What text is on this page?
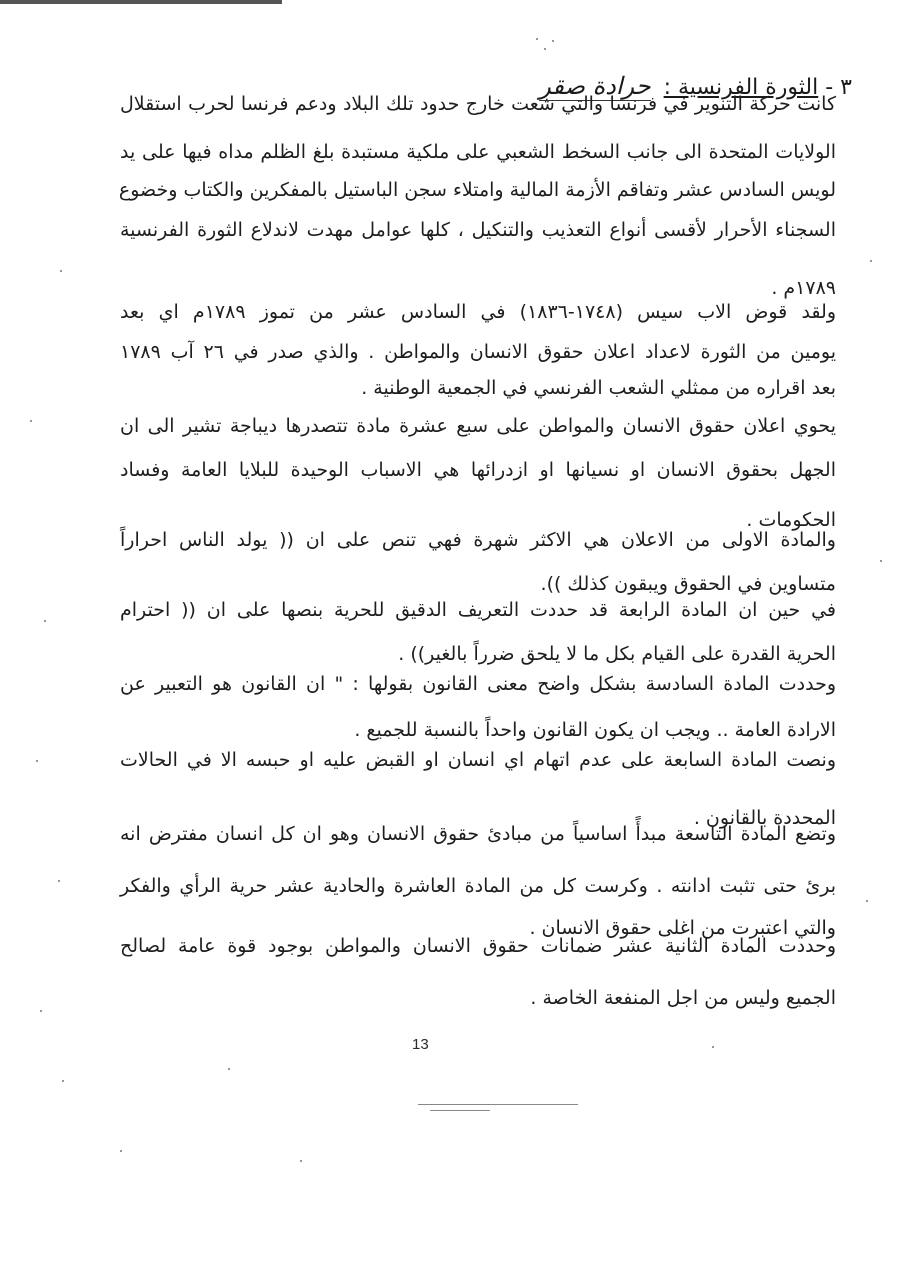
٣ - الثورة الفرنسية : حرادة صقر
كانت حركة التنوير في فرنسا والتي شعت خارج حدود تلك البلاد ودعم فرنسا لحرب استقلال
الولايات المتحدة الى جانب السخط الشعبي على ملكية مستبدة بلغ الظلم مداه فيها على يد
لويس السادس عشر وتفاقم الأزمة المالية وامتلاء سجن الباستيل بالمفكرين والكتاب وخضوع
السجناء الأحرار لأقسى أنواع التعذيب والتنكيل ، كلها عوامل مهدت لاندلاع الثورة الفرنسية
١٧٨٩م .
ولقد قوض الاب سيس (١٧٤٨-١٨٣٦) في السادس عشر من تموز ١٧٨٩م اي بعد
يومين من الثورة لاعداد اعلان حقوق الانسان والمواطن . والذي صدر في ٢٦ آب ١٧٨٩
بعد اقراره من ممثلي الشعب الفرنسي في الجمعية الوطنية .
يحوي اعلان حقوق الانسان والمواطن على سبع عشرة مادة تتصدرها ديباجة تشير الى ان
الجهل بحقوق الانسان او نسيانها او ازدرائها هي الاسباب الوحيدة للبلايا العامة وفساد
الحكومات .
والمادة الاولى من الاعلان هي الاكثر شهرة فهي تنص على ان (( يولد الناس احراراً
متساوين في الحقوق ويبقون كذلك )).
في حين ان المادة الرابعة قد حددت التعريف الدقيق للحرية بنصها على ان (( احترام
الحرية القدرة على القيام بكل ما لا يلحق ضرراً بالغير)) .
وحددت المادة السادسة بشكل واضح معنى القانون بقولها : " ان القانون هو التعبير عن
الارادة العامة .. ويجب ان يكون القانون واحداً بالنسبة للجميع .
ونصت المادة السابعة على عدم اتهام اي انسان او القبض عليه او حبسه الا في الحالات
المحددة بالقانون .
وتضع المادة التاسعة مبدأً اساسياً من مبادئ حقوق الانسان وهو ان كل انسان مفترض انه
برئ حتى تثبت ادانته . وكرست كل من المادة العاشرة والحادية عشر حرية الرأي والفكر
والتي اعتبرت من اغلى حقوق الانسان .
وحددت المادة الثانية عشر ضمانات حقوق الانسان والمواطن بوجود قوة عامة لصالح
الجميع وليس من اجل المنفعة الخاصة .
13
